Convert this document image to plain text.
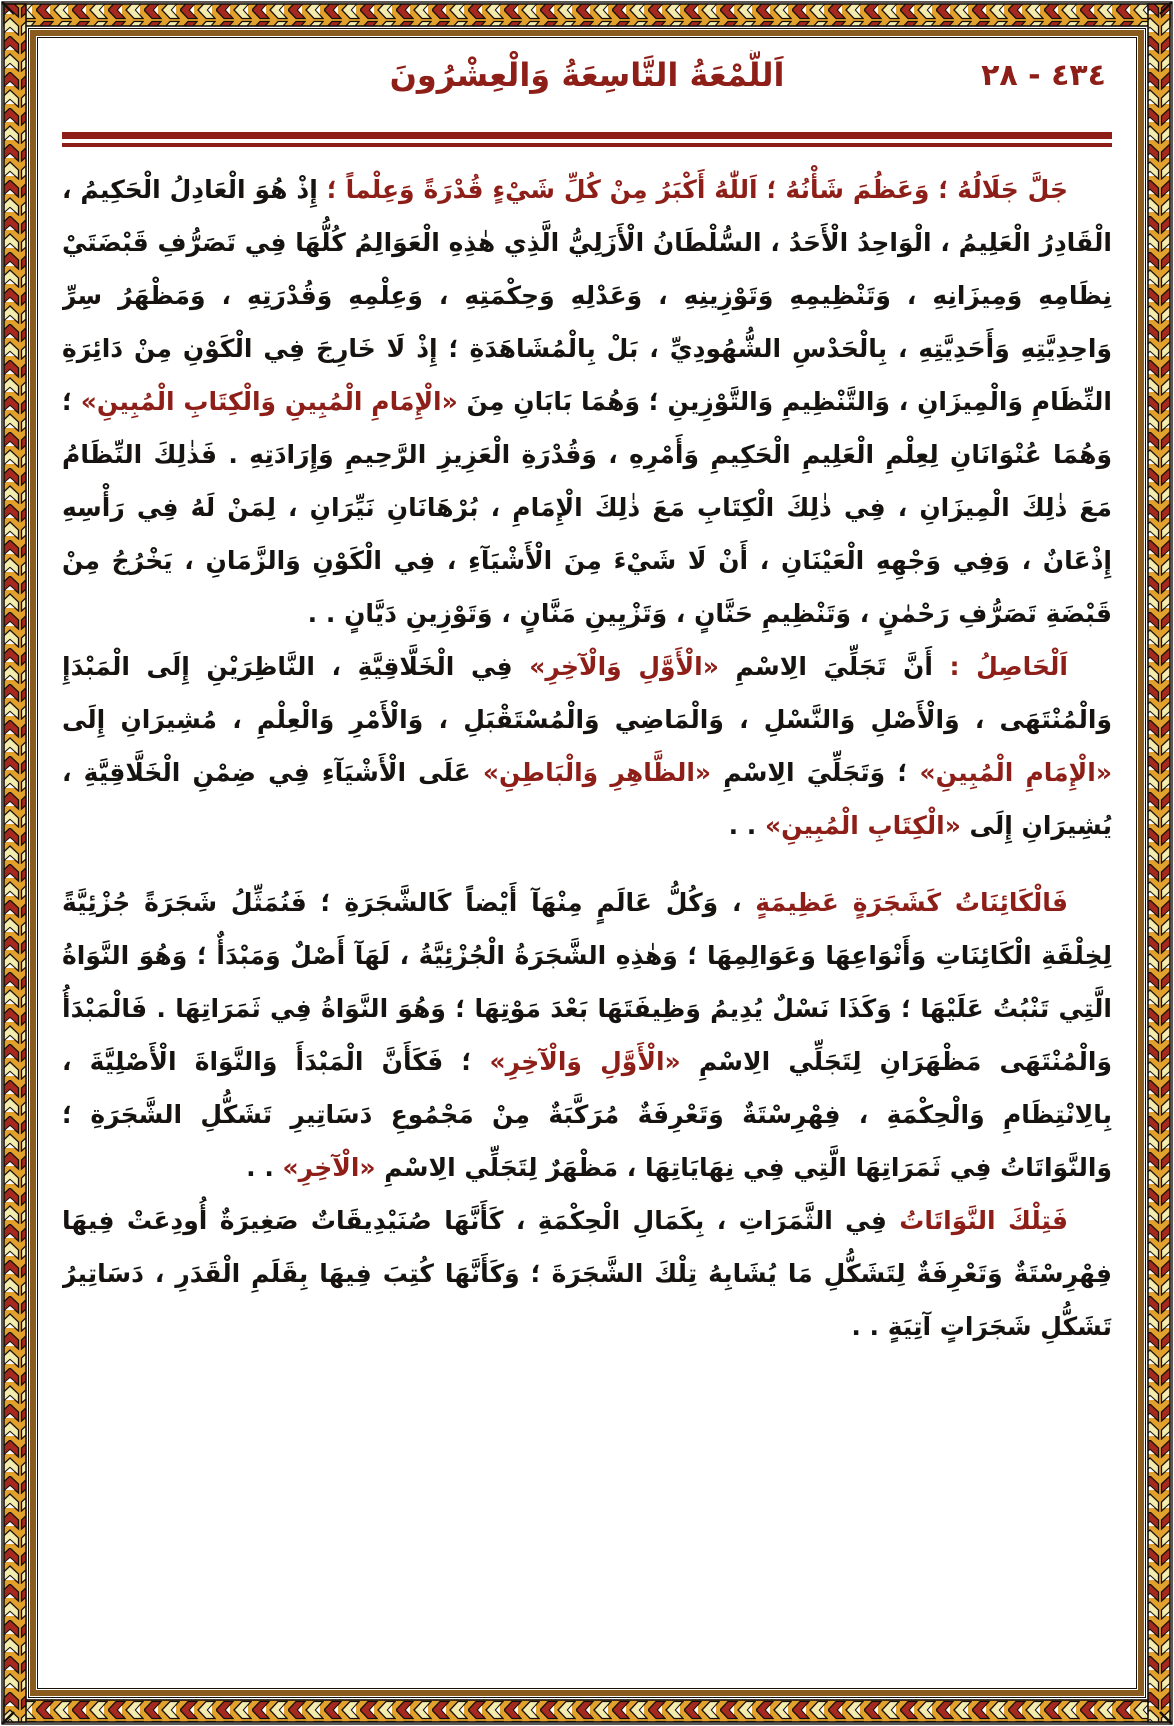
اَللَّمْعَةُ التَّاسِعَةُ وَالْعِشْرُونَ	٤٣٤ - ٢٨

جَلَّ جَلَالُهُ ؛ وَعَظُمَ شَأْنُهُ ؛ اَللّٰهُ أَكْبَرُ مِنْ كُلِّ شَيْءٍ قُدْرَةً وَعِلْماً ؛ إِذْ هُوَ الْعَادِلُ الْحَكِيمُ ، الْقَادِرُ الْعَلِيمُ ، الْوَاحِدُ الْأَحَدُ ، السُّلْطَانُ الْأَزَلِيُّ الَّذِي هٰذِهِ الْعَوَالِمُ كُلُّهَا فِي تَصَرُّفِ قَبْضَتَيْ نِظَامِهِ وَمِيزَانِهِ ، وَتَنْظِيمِهِ وَتَوْزِينِهِ ، وَعَدْلِهِ وَحِكْمَتِهِ ، وَعِلْمِهِ وَقُدْرَتِهِ ، وَمَظْهَرُ سِرِّ وَاحِدِيَّتِهِ وَأَحَدِيَّتِهِ ، بِالْحَدْسِ الشُّهُودِيِّ ، بَلْ بِالْمُشَاهَدَةِ ؛ إِذْ لَا خَارِجَ فِي الْكَوْنِ مِنْ دَائِرَةِ النِّظَامِ وَالْمِيزَانِ ، وَالتَّنْظِيمِ وَالتَّوْزِينِ ؛ وَهُمَا بَابَانِ مِنَ «الْإِمَامِ الْمُبِينِ وَالْكِتَابِ الْمُبِينِ» ؛ وَهُمَا عُنْوَانَانِ لِعِلْمِ الْعَلِيمِ الْحَكِيمِ وَأَمْرِهِ ، وَقُدْرَةِ الْعَزِيزِ الرَّحِيمِ وَإِرَادَتِهِ . فَذٰلِكَ النِّظَامُ مَعَ ذٰلِكَ الْمِيزَانِ ، فِي ذٰلِكَ الْكِتَابِ مَعَ ذٰلِكَ الْإِمَامِ ، بُرْهَانَانِ نَيِّرَانِ ، لِمَنْ لَهُ فِي رَأْسِهِ إِذْعَانٌ ، وَفِي وَجْهِهِ الْعَيْنَانِ ، أَنْ لَا شَيْءَ مِنَ الْأَشْيَآءِ ، فِي الْكَوْنِ وَالزَّمَانِ ، يَخْرُجُ مِنْ قَبْضَةِ تَصَرُّفِ رَحْمٰنٍ ، وَتَنْظِيمِ حَنَّانٍ ، وَتَزْيِينِ مَنَّانٍ ، وَتَوْزِينِ دَيَّانٍ . .

اَلْحَاصِلُ : أَنَّ تَجَلِّيَ الِاسْمِ «الْأَوَّلِ وَالْآخِرِ» فِي الْخَلَّاقِيَّةِ ، النَّاظِرَيْنِ إِلَى الْمَبْدَإِ وَالْمُنْتَهَى ، وَالْأَصْلِ وَالنَّسْلِ ، وَالْمَاضِي وَالْمُسْتَقْبَلِ ، وَالْأَمْرِ وَالْعِلْمِ ، مُشِيرَانِ إِلَى «الْإِمَامِ الْمُبِينِ» ؛ وَتَجَلِّيَ الِاسْمِ «الظَّاهِرِ وَالْبَاطِنِ» عَلَى الْأَشْيَآءِ فِي ضِمْنِ الْخَلَّاقِيَّةِ ، يُشِيرَانِ إِلَى «الْكِتَابِ الْمُبِينِ» . .

فَالْكَائِنَاتُ كَشَجَرَةٍ عَظِيمَةٍ ، وَكُلُّ عَالَمٍ مِنْهَآ أَيْضاً كَالشَّجَرَةِ ؛ فَنُمَثِّلُ شَجَرَةً جُزْئِيَّةً لِخِلْقَةِ الْكَائِنَاتِ وَأَنْوَاعِهَا وَعَوَالِمِهَا ؛ وَهٰذِهِ الشَّجَرَةُ الْجُزْئِيَّةُ ، لَهَآ أَصْلٌ وَمَبْدَأٌ ؛ وَهُوَ النَّوَاةُ الَّتِي تَنْبُتُ عَلَيْهَا ؛ وَكَذَا نَسْلٌ يُدِيمُ وَظِيفَتَهَا بَعْدَ مَوْتِهَا ؛ وَهُوَ النَّوَاةُ فِي ثَمَرَاتِهَا . فَالْمَبْدَأُ وَالْمُنْتَهَى مَظْهَرَانِ لِتَجَلِّي الِاسْمِ «الْأَوَّلِ وَالْآخِرِ» ؛ فَكَأَنَّ الْمَبْدَأَ وَالنَّوَاةَ الْأَصْلِيَّةَ ، بِالِانْتِظَامِ وَالْحِكْمَةِ ، فِهْرِسْتَةٌ وَتَعْرِفَةٌ مُرَكَّبَةٌ مِنْ مَجْمُوعِ دَسَاتِيرِ تَشَكُّلِ الشَّجَرَةِ ؛ وَالنَّوَاتَاتُ فِي ثَمَرَاتِهَا الَّتِي فِي نِهَايَاتِهَا ، مَظْهَرٌ لِتَجَلِّي الِاسْمِ «الْآخِرِ» . .

فَتِلْكَ النَّوَاتَاتُ فِي الثَّمَرَاتِ ، بِكَمَالِ الْحِكْمَةِ ، كَأَنَّهَا صُنَيْدِيقَاتٌ صَغِيرَةٌ أُودِعَتْ فِيهَا فِهْرِسْتَةٌ وَتَعْرِفَةٌ لِتَشَكُّلِ مَا يُشَابِهُ تِلْكَ الشَّجَرَةَ ؛ وَكَأَنَّهَا كُتِبَ فِيهَا بِقَلَمِ الْقَدَرِ ، دَسَاتِيرُ تَشَكُّلِ شَجَرَاتٍ آتِيَةٍ . .
